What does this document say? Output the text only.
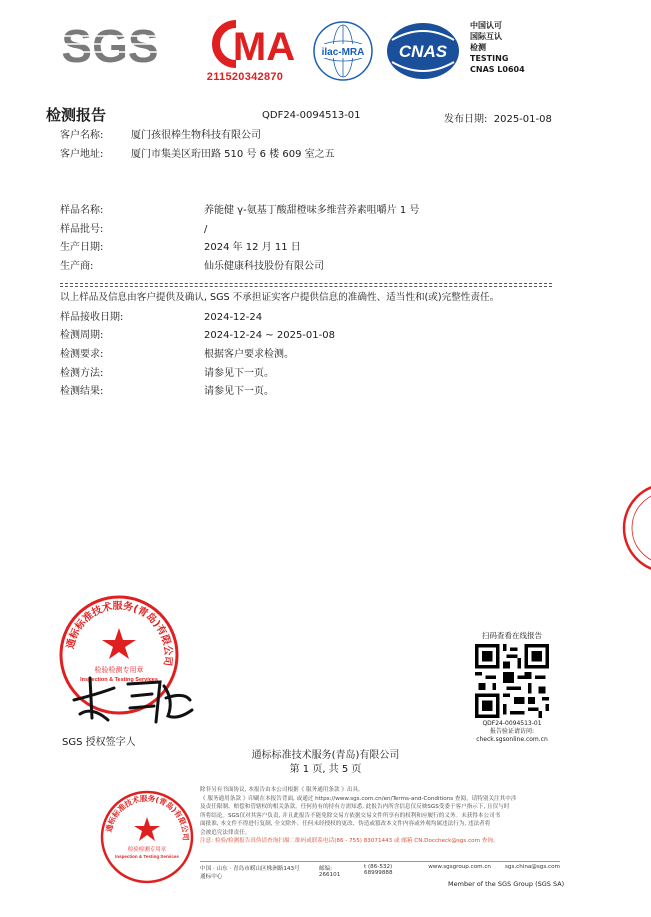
SGS MA
211520342870
ilac-MRA CNAS
中国认可
国际互认
检测
TESTING
CNAS L0604
检测报告	QDF24-0094513-01	发布日期: 2025-01-08
客户名称:	厦门孩很棒生物科技有限公司
客户地址:	厦门市集美区珩田路 510 号 6 楼 609 室之五
样品名称:	养能健 γ-氨基丁酸甜橙味多维营养素咀嚼片 1 号
样品批号:	/
生产日期:	2024 年 12 月 11 日
生产商:	仙乐健康科技股份有限公司
以上样品及信息由客户提供及确认, SGS 不承担证实客户提供信息的准确性、适当性和(或)完整性责任。
样品接收日期:	2024-12-24
检测周期:	2024-12-24 ~ 2025-01-08
检测要求:	根据客户要求检测。
检测方法:	请参见下一页。
检测结果:	请参见下一页。
通标标准技术服务(青岛)有限公司
检验检测专用章
Inspection & Testing Services
SGS 授权签字人
扫码查看在线报告
QDF24-0094513-01
报告验证请访问:
check.sgsonline.com.cn
通标标准技术服务(青岛)有限公司
第 1 页, 共 5 页
通标标准技术服务(青岛)有限公司
检验检测专用章
Inspection & Testing Services
除非另有书面协议, 本报告由本公司根据《 服务通用条款 》出具,
《 服务通用条款 》印刷在本报告背面, 或通过 https://www.sgs.com.cn/en/Terms-and-Conditions 查阅。请特别关注其中涉
及责任限制、赔偿和管辖权的相关条款。任何持有的持有方需知悉, 此报告内所含信息仅反映SGS受委于客户指示下, 且仅与时
所将结论。SGS仅对其客户负责, 并且此报告不能免除交易方依据交易文件所享有的权利和应履行的义务。未获得本公司书
面批准, 本文件不得进行复制, 全文除外。任何未经授权的更改、伪造或篡改本文件内容或外观均属违法行为, 违法者将
会被追究法律责任。
注意: 检验/检测报告真伪请查询扫描二维码或联系电话(86 - 755) 83071443 或 邮箱 CN.Doccheck@sgs.com 查询。
中国 · 山东 · 青岛市崂山区株洲路143号通标中心
邮编: 266101
t (86-532) 68999888
www.sgsgroup.com.cn	sgs.china@sgs.com
Member of the SGS Group (SGS SA)
